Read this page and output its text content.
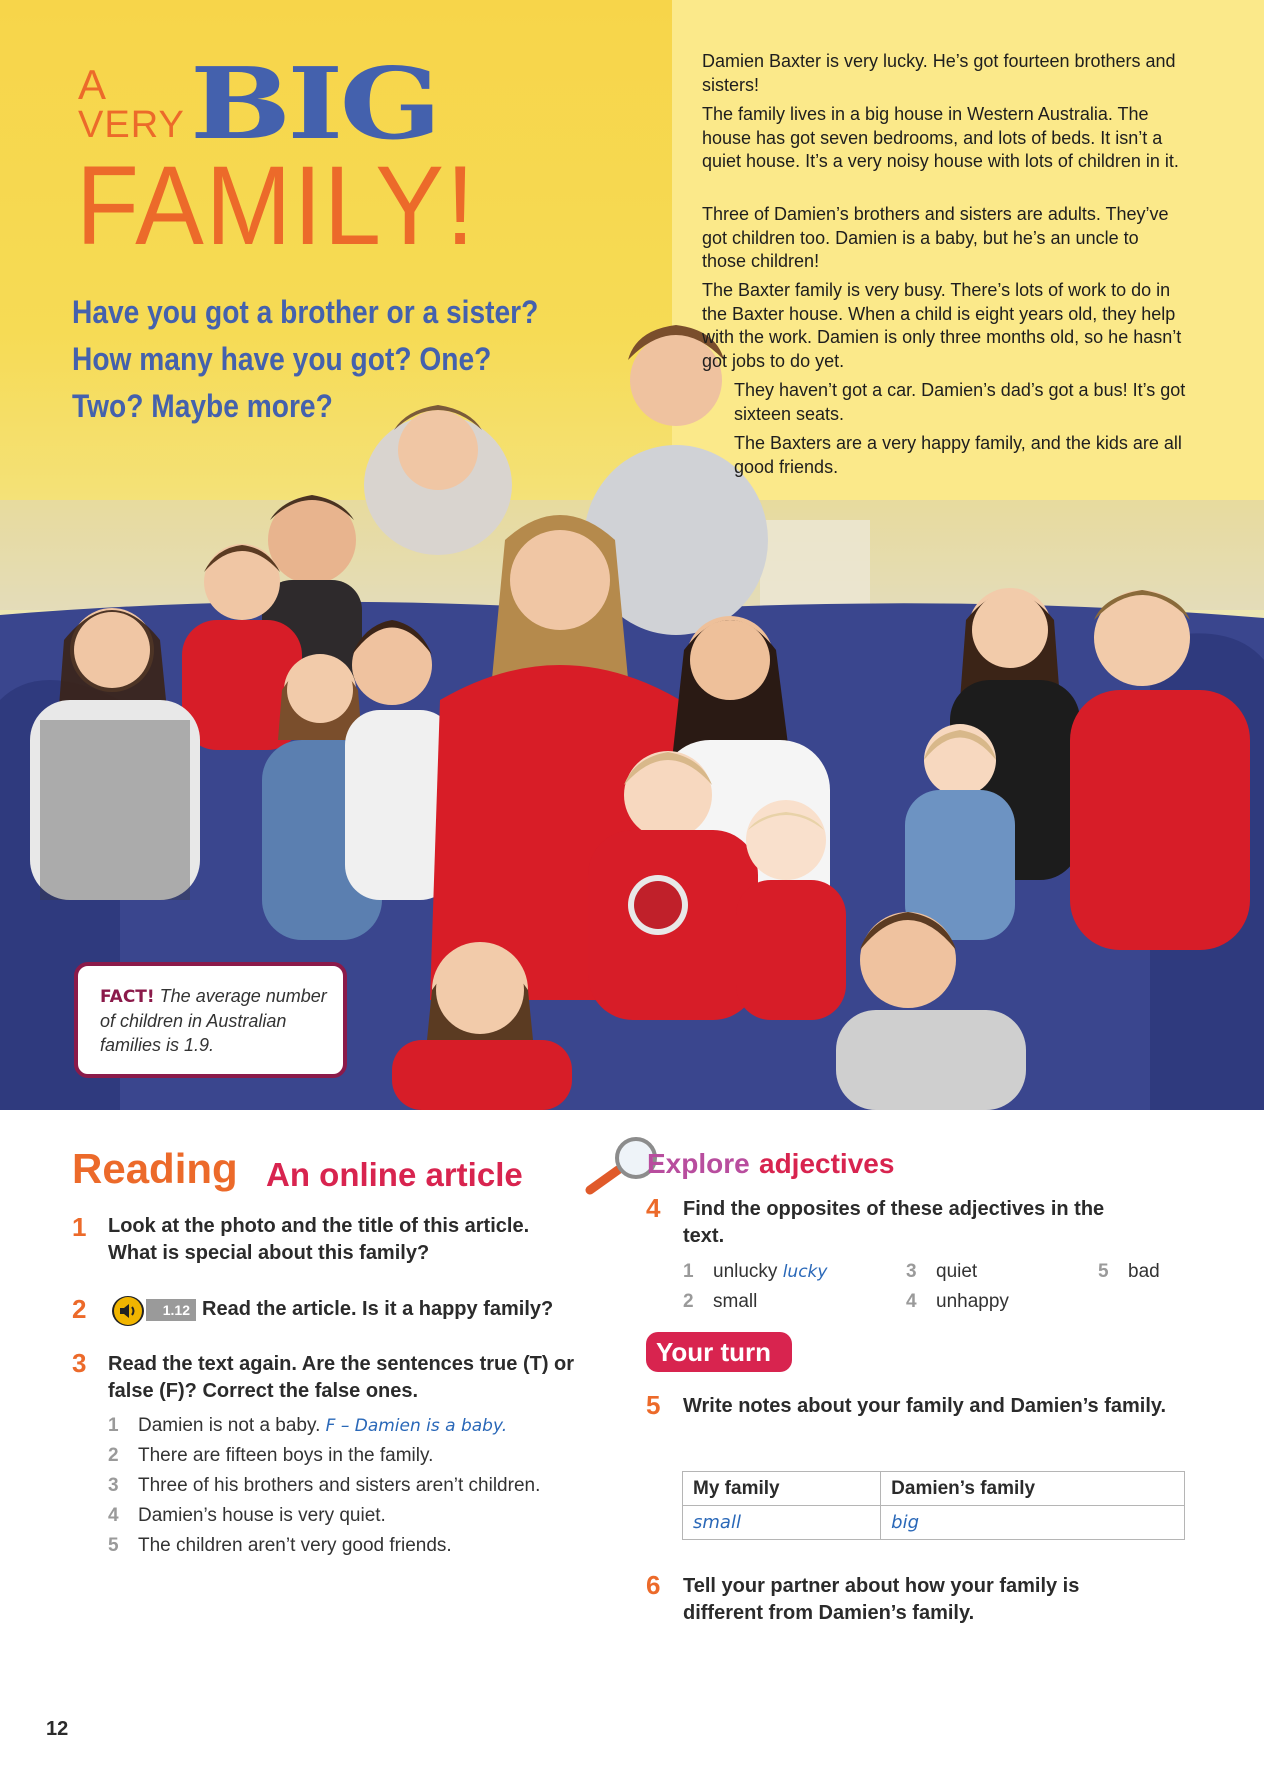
A
VERY BIG
FAMILY!
Have you got a brother or a sister?
How many have you got? One?
Two? Maybe more?

Damien Baxter is very lucky. He’s got fourteen brothers and sisters!

The family lives in a big house in Western Australia. The house has got seven bedrooms, and lots of beds. It isn’t a quiet house. It’s a very noisy house with lots of children in it.

Three of Damien’s brothers and sisters are adults. They’ve got children too. Damien is a baby, but he’s an uncle to those children!

The Baxter family is very busy. There’s lots of work to do in the Baxter house. When a child is eight years old, they help with the work. Damien is only three months old, so he hasn’t got jobs to do yet.

They haven’t got a car. Damien’s dad’s got a bus! It’s got sixteen seats.

The Baxters are a very happy family, and the kids are all good friends.

FACT! The average number of children in Australian families is 1.9.
Reading An online article
1 Look at the photo and the title of this article. What is special about this family?
2	1.12 Read the article. Is it a happy family?
3 Read the text again. Are the sentences true (T) or false (F)? Correct the false ones.
1 Damien is not a baby. F – Damien is a baby.
2 There are fifteen boys in the family.
3 Three of his brothers and sisters aren’t children.
4 Damien’s house is very quiet.
5 The children aren’t very good friends.
Explore adjectives
4 Find the opposites of these adjectives in the text.
1 unlucky lucky
2 small
3 quiet
4 unhappy
5 bad
Your turn
5 Write notes about your family and Damien’s family.
My family	Damien’s family
small	big
6 Tell your partner about how your family is different from Damien’s family.
12
